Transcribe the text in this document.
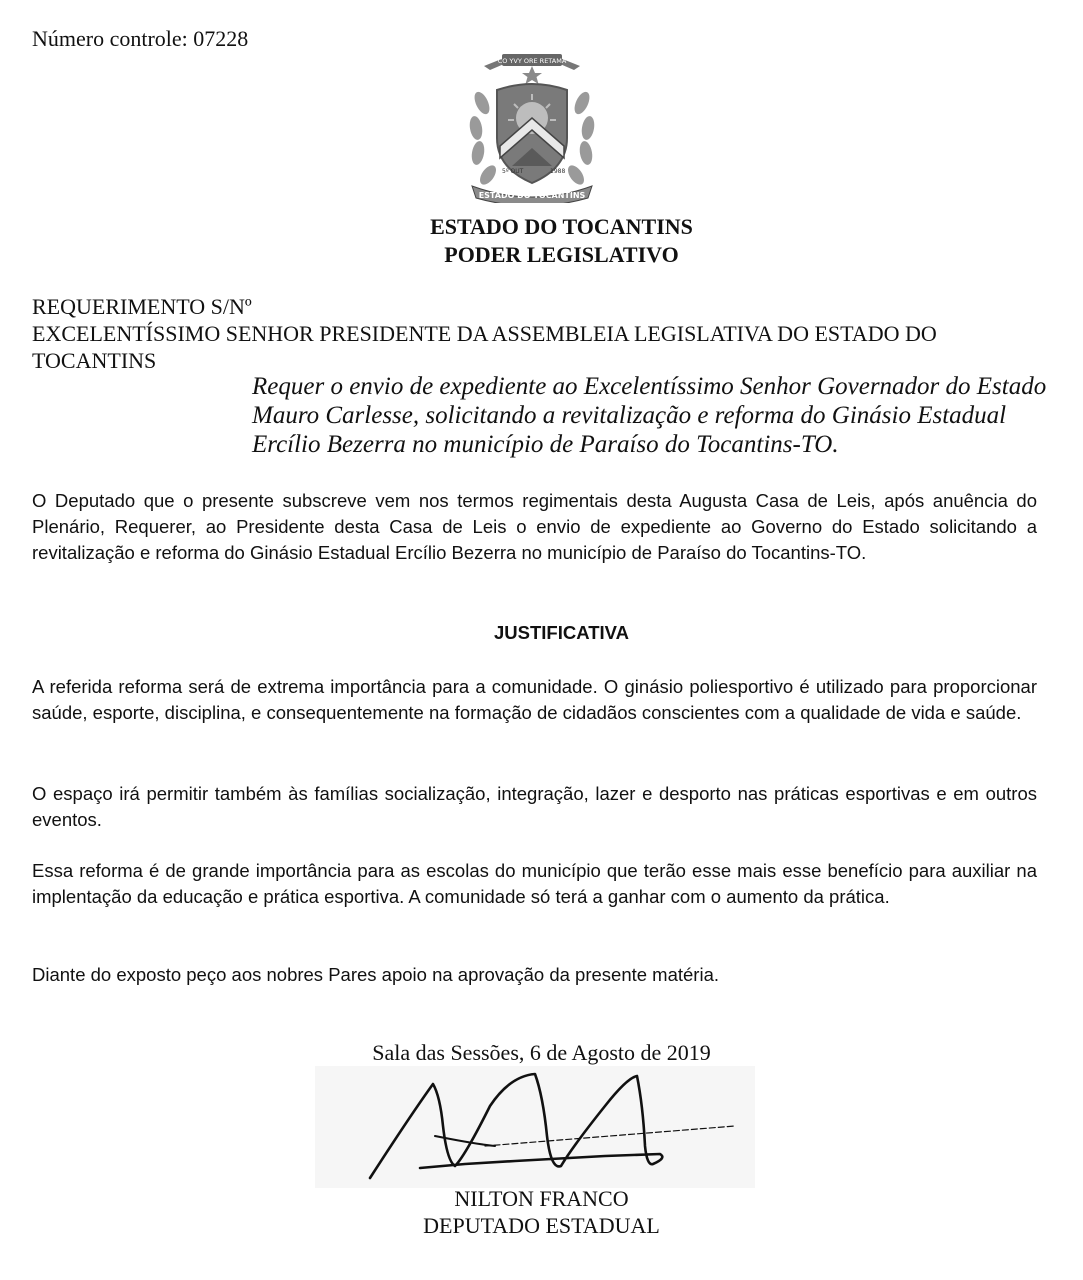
Número controle: 07228
CO YVY ORE RETAMA
5º OUT	1988
ESTADO DO TOCANTINS
ESTADO DO TOCANTINS
PODER LEGISLATIVO
REQUERIMENTO S/Nº
EXCELENTÍSSIMO SENHOR PRESIDENTE DA ASSEMBLEIA LEGISLATIVA DO ESTADO DO TOCANTINS
Requer o envio de expediente ao Excelentíssimo Senhor Governador do Estado Mauro Carlesse, solicitando a revitalização e reforma do Ginásio Estadual Ercílio Bezerra no município de Paraíso do Tocantins-TO.
O Deputado que o presente subscreve vem nos termos regimentais desta Augusta Casa de Leis, após anuência do Plenário, Requerer, ao Presidente desta Casa de Leis o envio de expediente ao Governo do Estado solicitando a revitalização e reforma do Ginásio Estadual Ercílio Bezerra no município de Paraíso do Tocantins-TO.
JUSTIFICATIVA
A referida reforma será de extrema importância para a comunidade. O ginásio poliesportivo é utilizado para proporcionar saúde, esporte, disciplina, e consequentemente na formação de cidadãos conscientes com a qualidade de vida e saúde.
O espaço irá permitir também às famílias socialização, integração, lazer e desporto nas práticas esportivas e em outros eventos.
Essa reforma é de grande importância para as escolas do município que terão esse mais esse benefício para auxiliar na implentação da educação e prática esportiva. A comunidade só terá a ganhar com o aumento da prática.
Diante do exposto peço aos nobres Pares apoio na aprovação da presente matéria.
Sala das Sessões, 6 de Agosto de 2019
NILTON FRANCO
DEPUTADO ESTADUAL
